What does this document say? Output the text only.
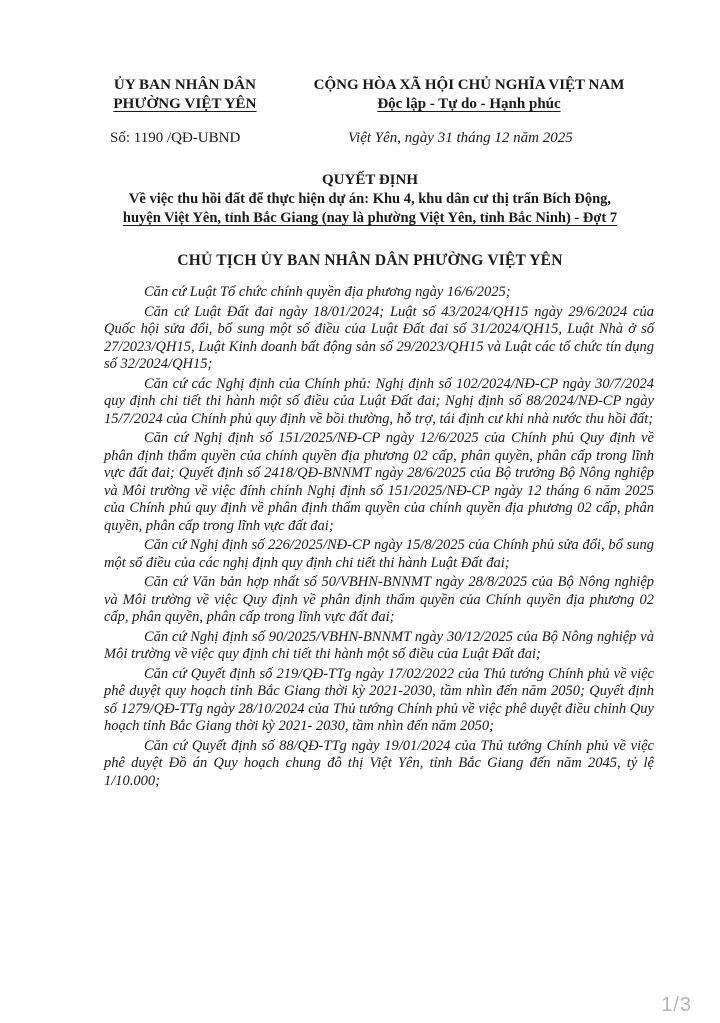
ỦY BAN NHÂN DÂN
PHƯỜNG VIỆT YÊN
CỘNG HÒA XÃ HỘI CHỦ NGHĨA VIỆT NAM
Độc lập - Tự do - Hạnh phúc
Số: 1190 /QĐ-UBND	Việt Yên, ngày 31 tháng 12 năm 2025
QUYẾT ĐỊNH
Về việc thu hồi đất để thực hiện dự án: Khu 4, khu dân cư thị trấn Bích Động,
huyện Việt Yên, tỉnh Bắc Giang (nay là phường Việt Yên, tỉnh Bắc Ninh) - Đợt 7
CHỦ TỊCH ỦY BAN NHÂN DÂN PHƯỜNG VIỆT YÊN

Căn cứ Luật Tổ chức chính quyền địa phương ngày 16/6/2025;

Căn cứ Luật Đất đai ngày 18/01/2024; Luật số 43/2024/QH15 ngày 29/6/2024 của Quốc hội sửa đổi, bổ sung một số điều của Luật Đất đai số 31/2024/QH15, Luật Nhà ở số 27/2023/QH15, Luật Kinh doanh bất động sản số 29/2023/QH15 và Luật các tổ chức tín dụng số 32/2024/QH15;

Căn cứ các Nghị định của Chính phủ: Nghị định số 102/2024/NĐ-CP ngày 30/7/2024 quy định chi tiết thi hành một số điều của Luật Đất đai; Nghị định số 88/2024/NĐ-CP ngày 15/7/2024 của Chính phủ quy định về bồi thường, hỗ trợ, tái định cư khi nhà nước thu hồi đất;

Căn cứ Nghị định số 151/2025/NĐ-CP ngày 12/6/2025 của Chính phủ Quy định về phân định thẩm quyền của chính quyền địa phương 02 cấp, phân quyền, phân cấp trong lĩnh vực đất đai; Quyết định số 2418/QĐ-BNNMT ngày 28/6/2025 của Bộ trưởng Bộ Nông nghiệp và Môi trường về việc đính chính Nghị định số 151/2025/NĐ-CP ngày 12 tháng 6 năm 2025 của Chính phủ quy định về phân định thẩm quyền của chính quyền địa phương 02 cấp, phân quyền, phân cấp trong lĩnh vực đất đai;

Căn cứ Nghị định số 226/2025/NĐ-CP ngày 15/8/2025 của Chính phủ sửa đổi, bổ sung một số điều của các nghị định quy định chi tiết thi hành Luật Đất đai;

Căn cứ Văn bản hợp nhất số 50/VBHN-BNNMT ngày 28/8/2025 của Bộ Nông nghiệp và Môi trường về việc Quy định về phân định thẩm quyền của Chính quyền địa phương 02 cấp, phân quyền, phân cấp trong lĩnh vực đất đai;

Căn cứ Nghị định số 90/2025/VBHN-BNNMT ngày 30/12/2025 của Bộ Nông nghiệp và Môi trường về việc quy định chi tiết thi hành một số điều của Luật Đất đai;

Căn cứ Quyết định số 219/QĐ-TTg ngày 17/02/2022 của Thủ tướng Chính phủ về việc phê duyệt quy hoạch tỉnh Bắc Giang thời kỳ 2021-2030, tầm nhìn đến năm 2050; Quyết định số 1279/QĐ-TTg ngày 28/10/2024 của Thủ tướng Chính phủ về việc phê duyệt điều chỉnh Quy hoạch tỉnh Bắc Giang thời kỳ 2021- 2030, tầm nhìn đến năm 2050;

Căn cứ Quyết định số 88/QĐ-TTg ngày 19/01/2024 của Thủ tướng Chính phủ về việc phê duyệt Đồ án Quy hoạch chung đô thị Việt Yên, tỉnh Bắc Giang đến năm 2045, tỷ lệ 1/10.000;

1/3
